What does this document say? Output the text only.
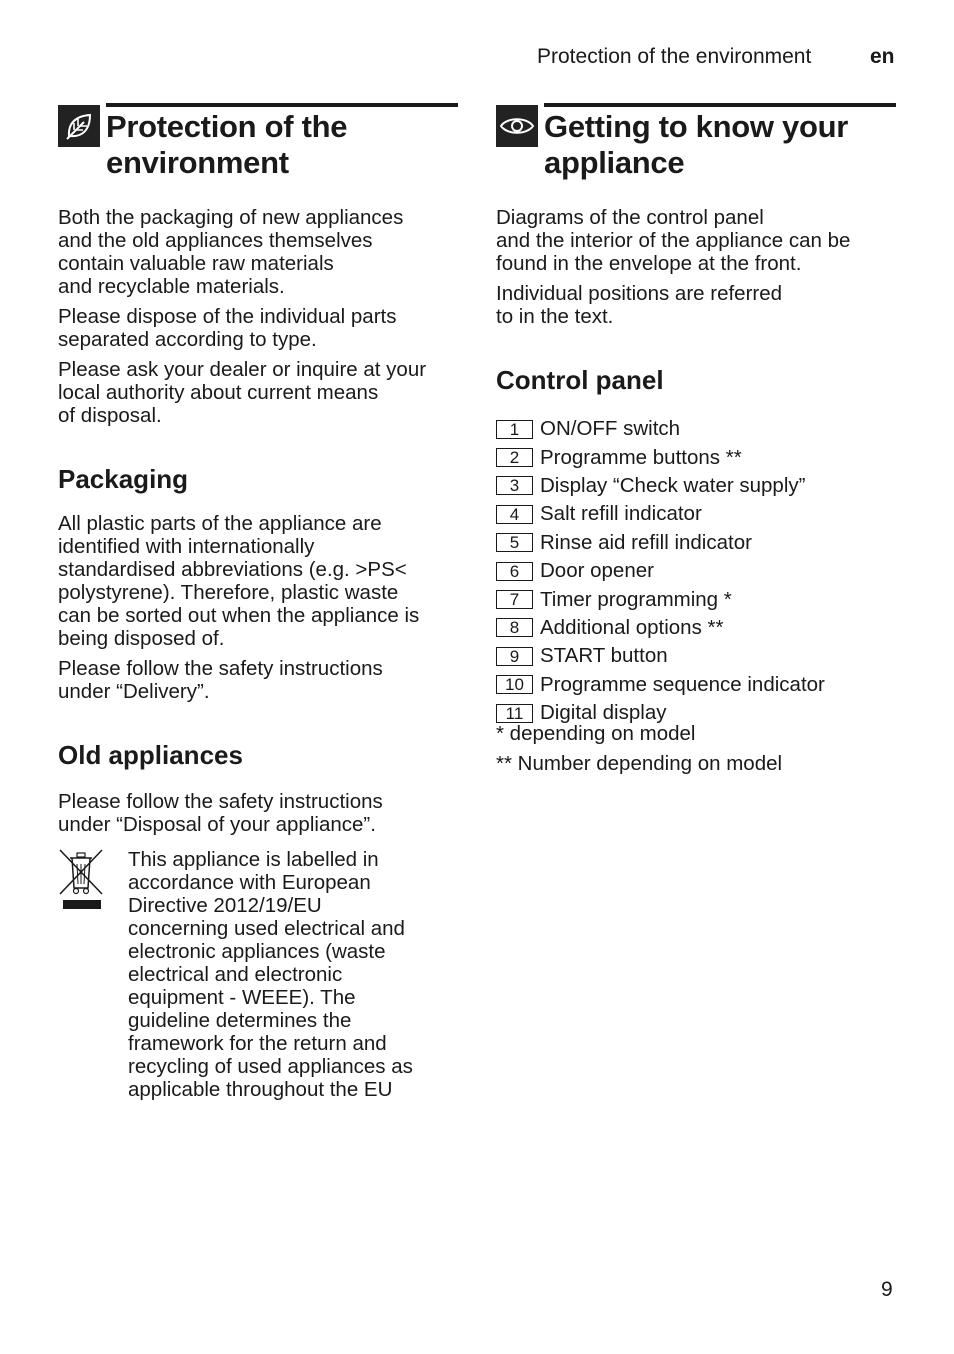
Protection of the environment	en
Protection of the
environment

Both the packaging of new appliances
and the old appliances themselves
contain valuable raw materials
and recyclable materials.

Please dispose of the individual parts
separated according to type.

Please ask your dealer or inquire at your
local authority about current means
of disposal.

Packaging

All plastic parts of the appliance are
identified with internationally
standardised abbreviations (e.g. >PS<
polystyrene). Therefore, plastic waste
can be sorted out when the appliance is
being disposed of.

Please follow the safety instructions
under “Delivery”.

Old appliances

Please follow the safety instructions
under “Disposal of your appliance”.

This appliance is labelled in
accordance with European
Directive 2012/19/EU
concerning used electrical and
electronic appliances (waste
electrical and electronic
equipment - WEEE). The
guideline determines the
framework for the return and
recycling of used appliances as
applicable throughout the EU

Getting to know your
appliance

Diagrams of the control panel
and the interior of the appliance can be
found in the envelope at the front.

Individual positions are referred
to in the text.

Control panel
1	ON/OFF switch
2	Programme buttons **
3	Display “Check water supply”
4	Salt refill indicator
5	Rinse aid refill indicator
6	Door opener
7	Timer programming *
8	Additional options **
9	START button
10 Programme sequence indicator
11 Digital display
* depending on model
** Number depending on model
9
